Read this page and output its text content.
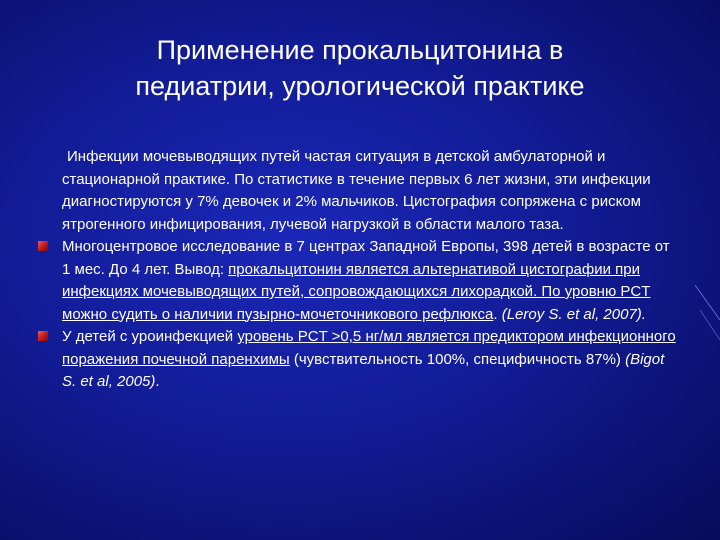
Применение прокальцитонина в
педиатрии, урологической практике
Инфекции мочевыводящих путей частая ситуация в детской амбулаторной и стационарной практике. По статистике в течение первых 6 лет жизни, эти инфекции диагностируются у 7% девочек и 2% мальчиков. Цистография сопряжена с риском ятрогенного инфицирования, лучевой нагрузкой в области малого таза.
Многоцентровое исследование в 7 центрах Западной Европы, 398 детей в возрасте от 1 мес. До 4 лет. Вывод: прокальцитонин является альтернативой цистографии при инфекциях мочевыводящих путей, сопровождающихся лихорадкой. По уровню PCT можно судить о наличии пузырно-мочеточникового рефлюкса. (Leroy S. et al, 2007).
У детей с уроинфекцией уровень PCT >0,5 нг/мл является предиктором инфекционного поражения почечной паренхимы (чувствительность 100%, специфичность 87%) (Bigot S. et al, 2005).
